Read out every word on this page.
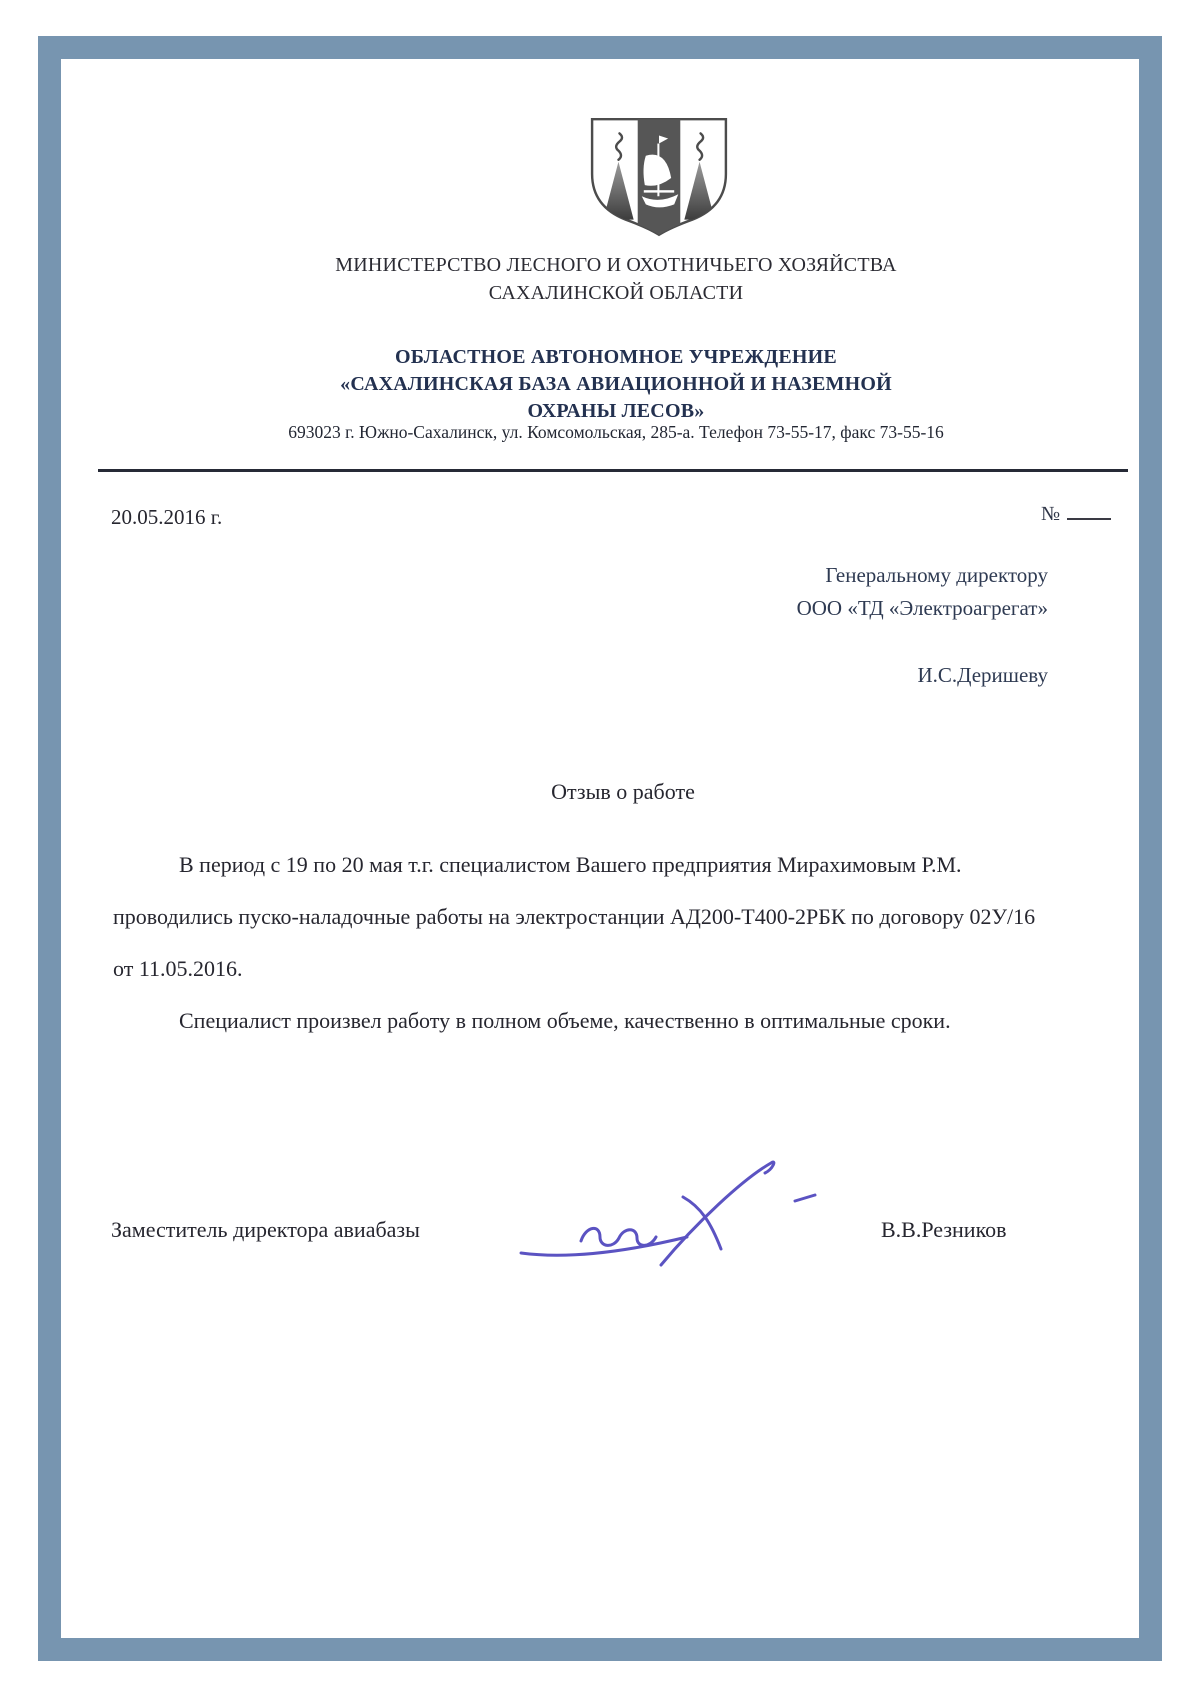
МИНИСТЕРСТВО ЛЕСНОГО И ОХОТНИЧЬЕГО ХОЗЯЙСТВА
САХАЛИНСКОЙ ОБЛАСТИ
ОБЛАСТНОЕ АВТОНОМНОЕ УЧРЕЖДЕНИЕ
«САХАЛИНСКАЯ БАЗА АВИАЦИОННОЙ И НАЗЕМНОЙ
ОХРАНЫ ЛЕСОВ»
693023 г. Южно-Сахалинск, ул. Комсомольская, 285-а. Телефон 73-55-17, факс 73-55-16
20.05.2016 г.	№
Генеральному директору
ООО «ТД «Электроагрегат»
И.С.Деришеву
Отзыв о работе

В период с 19 по 20 мая т.г. специалистом Вашего предприятия Мирахимовым Р.М. проводились пуско-наладочные работы на электростанции АД200-Т400-2РБК по договору 02У/16 от 11.05.2016.

Специалист произвел работу в полном объеме, качественно в оптимальные сроки.

Заместитель директора авиабазы	В.В.Резников
